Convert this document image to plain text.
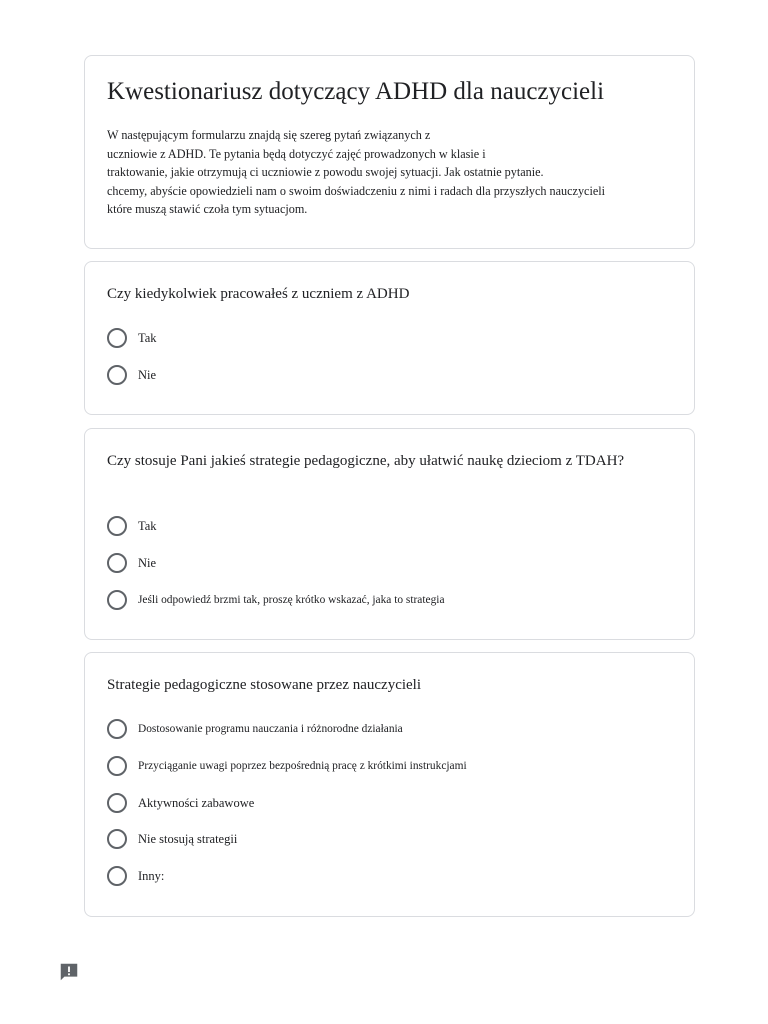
Kwestionariusz dotyczący ADHD dla nauczycieli

W następującym formularzu znajdą się szereg pytań związanych z
uczniowie z ADHD. Te pytania będą dotyczyć zajęć prowadzonych w klasie i
traktowanie, jakie otrzymują ci uczniowie z powodu swojej sytuacji. Jak ostatnie pytanie.
chcemy, abyście opowiedzieli nam o swoim doświadczeniu z nimi i radach dla przyszłych nauczycieli
które muszą stawić czoła tym sytuacjom.

Czy kiedykolwiek pracowałeś z uczniem z ADHD
Tak
Nie
Czy stosuje Pani jakieś strategie pedagogiczne, aby ułatwić naukę dzieciom z TDAH?
Tak
Nie
Jeśli odpowiedź brzmi tak, proszę krótko wskazać, jaka to strategia
Strategie pedagogiczne stosowane przez nauczycieli
Dostosowanie programu nauczania i różnorodne działania
Przyciąganie uwagi poprzez bezpośrednią pracę z krótkimi instrukcjami
Aktywności zabawowe
Nie stosują strategii
Inny:
